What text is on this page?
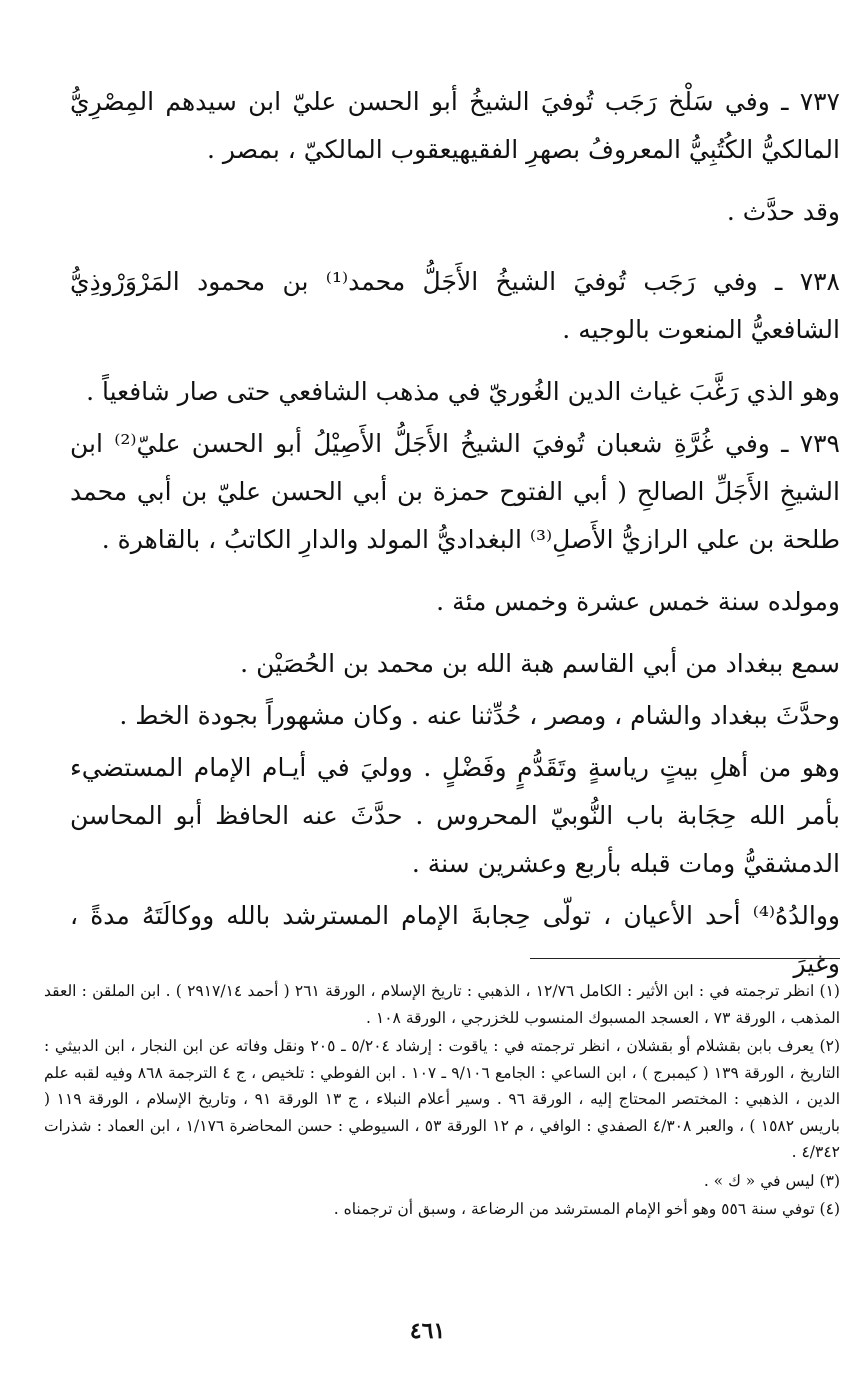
٧٣٧ ـ وفي سَلْخ رَجَب تُوفيَ الشيخُ أبو الحسن عليّ ابن سيدهم المِصْرِيُّ المالكيُّ الكُتُبِيُّ المعروفُ بصهرِ الفقيهيعقوب المالكيّ ، بمصر .

وقد حدَّث .

٧٣٨ ـ وفي رَجَب تُوفيَ الشيخُ الأَجَلُّ محمد⁽¹⁾ بن محمود المَرْوَرْوذِيُّ الشافعيُّ المنعوت بالوجيه .

وهو الذي رَغَّبَ غياث الدين الغُوريّ في مذهب الشافعي حتى صار شافعياً .

٧٣٩ ـ وفي غُرَّةِ شعبان تُوفيَ الشيخُ الأَجَلُّ الأَصِيْلُ أبو الحسن عليّ⁽²⁾ ابن الشيخِ الأَجَلِّ الصالحِ ( أبي الفتوح حمزة بن أبي الحسن عليّ بن أبي محمد طلحة بن علي الرازيُّ الأَصلِ⁽³⁾ البغداديُّ المولد والدارِ الكاتبُ ، بالقاهرة .

ومولده سنة خمس عشرة وخمس مئة .

سمع ببغداد من أبي القاسم هبة الله بن محمد بن الحُصَيْن .

وحدَّثَ ببغداد والشام ، ومصر ، حُدِّثنا عنه . وكان مشهوراً بجودة الخط .

وهو من أهلِ بيتٍ رياسةٍ وتَقَدُّمٍ وفَضْلٍ . ووليَ في أيـام الإمام المستضيء بأمر الله حِجَابة باب النُّوبيّ المحروس . حدَّثَ عنه الحافظ أبو المحاسن الدمشقيُّ ومات قبله بأربع وعشرين سنة .

ووالدُهُ⁽⁴⁾ أحد الأعيان ، تولّى حِجابةَ الإمام المسترشد بالله ووكالَتَهُ مدةً ، وغيرَ

(١) انظر ترجمته في : ابن الأثير : الكامل ١٢/٧٦ ، الذهبي : تاريخ الإسلام ، الورقة ٢٦١ ( أحمد ٢٩١٧/١٤ ) . ابن الملقن : العقد المذهب ، الورقة ٧٣ ، العسجد المسبوك المنسوب للخزرجي ، الورقة ١٠٨ .

(٢) يعرف بابن بقشلام أو بقشلان ، انظر ترجمته في : ياقوت : إرشاد ٥/٢٠٤ ـ ٢٠٥ ونقل وفاته عن ابن النجار ، ابن الدبيثي : التاريخ ، الورقة ١٣٩ ( كيمبرج ) ، ابن الساعي : الجامع ٩/١٠٦ ـ ١٠٧ . ابن الفوطي : تلخيص ، ج ٤ الترجمة ٨٦٨ وفيه لقبه علم الدين ، الذهبي : المختصر المحتاج إليه ، الورقة ٩٦ . وسير أعلام النبلاء ، ج ١٣ الورقة ٩١ ، وتاريخ الإسلام ، الورقة ١١٩ ( باريس ١٥٨٢ ) ، والعبر ٤/٣٠٨ الصفدي : الوافي ، م ١٢ الورقة ٥٣ ، السيوطي : حسن المحاضرة ١/١٧٦ ، ابن العماد : شذرات ٤/٣٤٢ .

(٣) ليس في « ك » .

(٤) توفي سنة ٥٥٦ وهو أخو الإمام المسترشد من الرضاعة ، وسبق أن ترجمناه .

٤٦١
